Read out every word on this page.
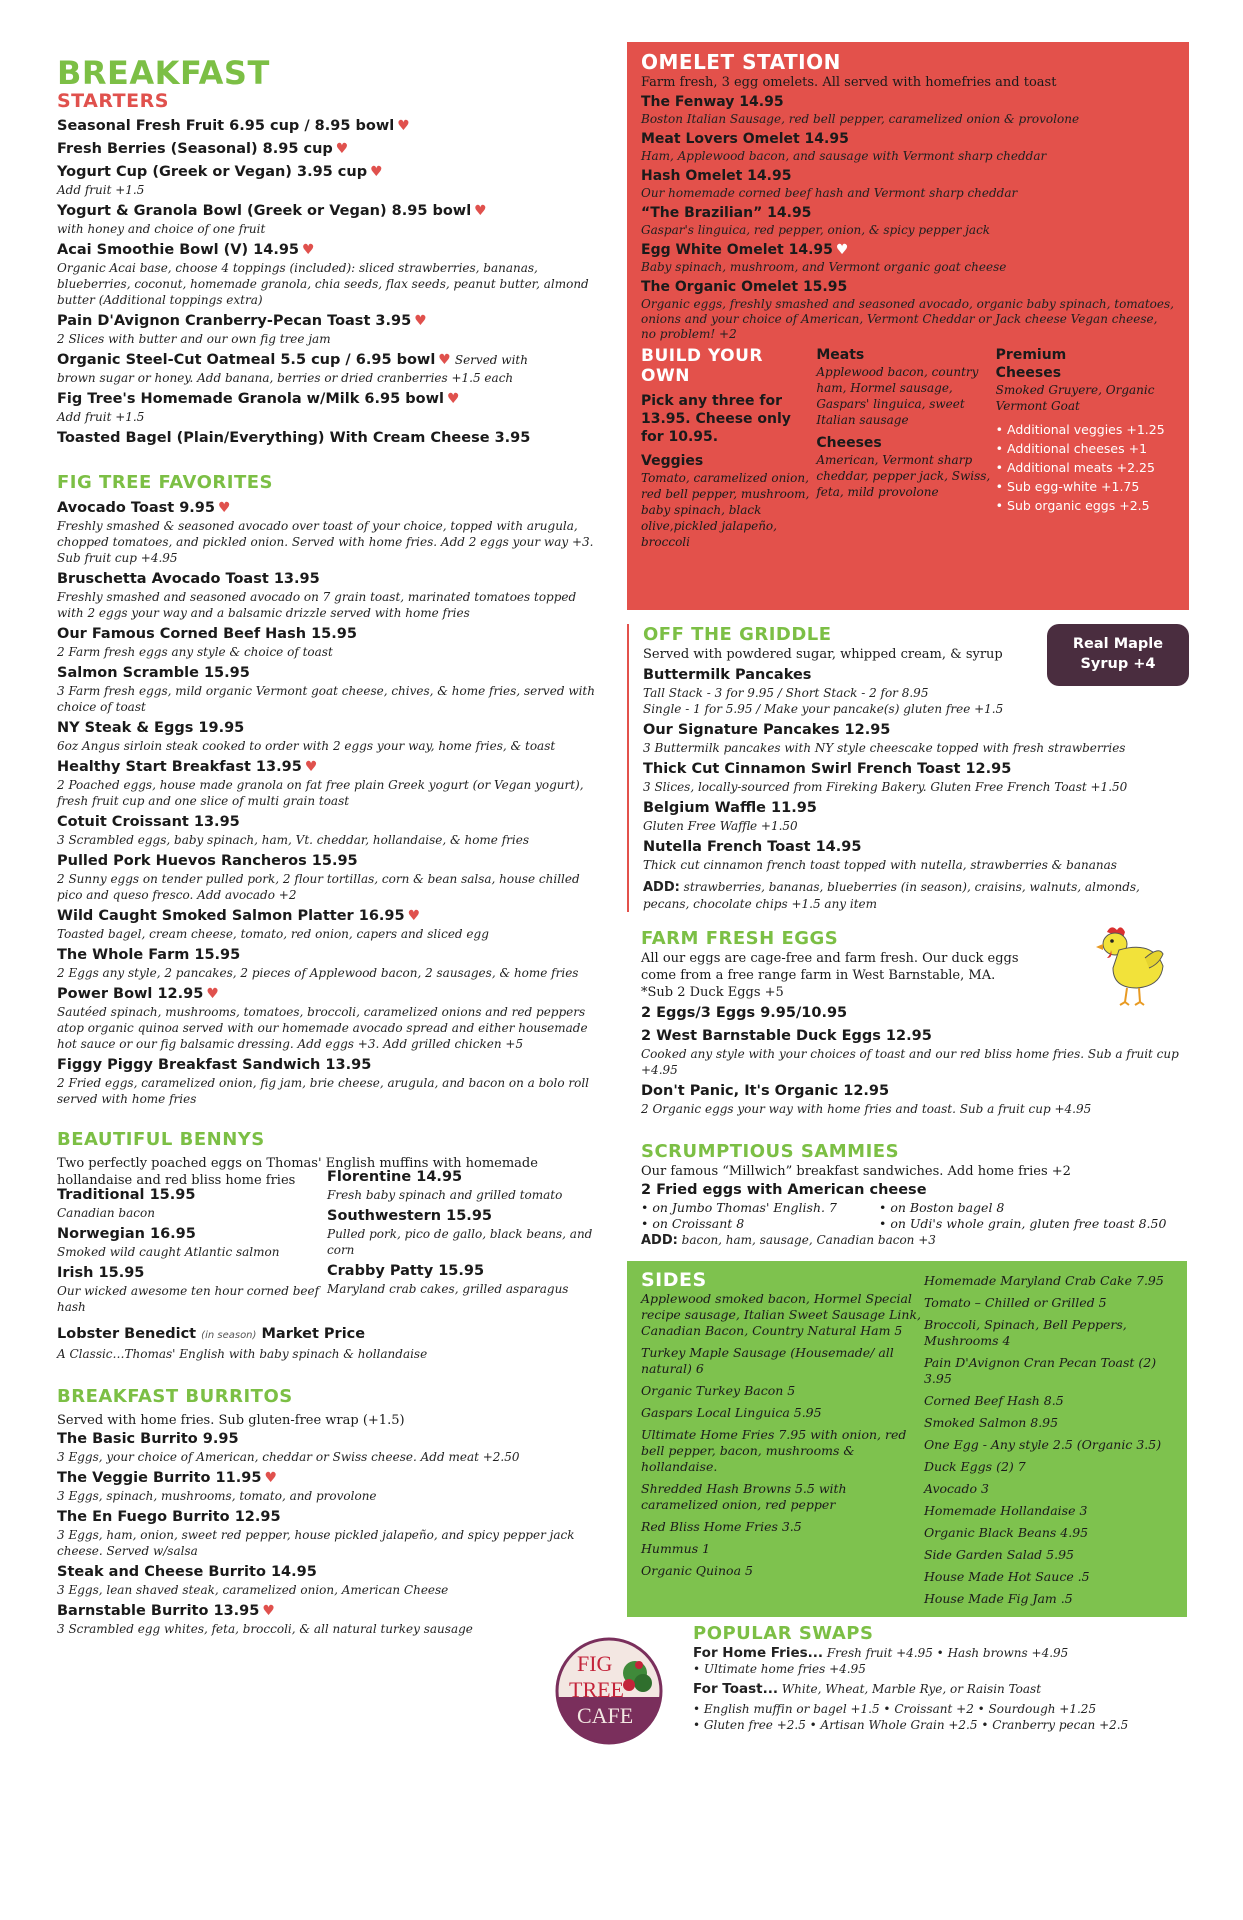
BREAKFAST
STARTERS
Seasonal Fresh Fruit 6.95 cup / 8.95 bowl ♥
Fresh Berries (Seasonal) 8.95 cup ♥
Yogurt Cup (Greek or Vegan) 3.95 cup ♥
Add fruit +1.5
Yogurt & Granola Bowl (Greek or Vegan) 8.95 bowl ♥
with honey and choice of one fruit
Acai Smoothie Bowl (V) 14.95 ♥
Organic Acai base, choose 4 toppings (included): sliced strawberries, bananas, blueberries, coconut, homemade granola, chia seeds, flax seeds, peanut butter, almond butter (Additional toppings extra)
Pain D'Avignon Cranberry-Pecan Toast 3.95 ♥
2 Slices with butter and our own fig tree jam
Organic Steel-Cut Oatmeal 5.5 cup / 6.95 bowl ♥ Served with
brown sugar or honey. Add banana, berries or dried cranberries +1.5 each
Fig Tree's Homemade Granola w/Milk 6.95 bowl ♥
Add fruit +1.5
Toasted Bagel (Plain/Everything) With Cream Cheese 3.95
FIG TREE FAVORITES
Avocado Toast 9.95 ♥
Freshly smashed & seasoned avocado over toast of your choice, topped with arugula, chopped tomatoes, and pickled onion. Served with home fries. Add 2 eggs your way +3. Sub fruit cup +4.95
Bruschetta Avocado Toast 13.95
Freshly smashed and seasoned avocado on 7 grain toast, marinated tomatoes topped with 2 eggs your way and a balsamic drizzle served with home fries
Our Famous Corned Beef Hash 15.95
2 Farm fresh eggs any style & choice of toast
Salmon Scramble 15.95
3 Farm fresh eggs, mild organic Vermont goat cheese, chives, & home fries, served with choice of toast
NY Steak & Eggs 19.95
6oz Angus sirloin steak cooked to order with 2 eggs your way, home fries, & toast
Healthy Start Breakfast 13.95 ♥
2 Poached eggs, house made granola on fat free plain Greek yogurt (or Vegan yogurt), fresh fruit cup and one slice of multi grain toast
Cotuit Croissant 13.95
3 Scrambled eggs, baby spinach, ham, Vt. cheddar, hollandaise, & home fries
Pulled Pork Huevos Rancheros 15.95
2 Sunny eggs on tender pulled pork, 2 flour tortillas, corn & bean salsa, house chilled pico and queso fresco. Add avocado +2
Wild Caught Smoked Salmon Platter 16.95 ♥
Toasted bagel, cream cheese, tomato, red onion, capers and sliced egg
The Whole Farm 15.95
2 Eggs any style, 2 pancakes, 2 pieces of Applewood bacon, 2 sausages, & home fries
Power Bowl 12.95 ♥
Sautéed spinach, mushrooms, tomatoes, broccoli, caramelized onions and red peppers atop organic quinoa served with our homemade avocado spread and either housemade hot sauce or our fig balsamic dressing. Add eggs +3. Add grilled chicken +5
Figgy Piggy Breakfast Sandwich 13.95
2 Fried eggs, caramelized onion, fig jam, brie cheese, arugula, and bacon on a bolo roll served with home fries
BEAUTIFUL BENNYS
Two perfectly poached eggs on Thomas' English muffins with homemade hollandaise and red bliss home fries
Traditional 15.95
Canadian bacon
Norwegian 16.95
Smoked wild caught Atlantic salmon
Irish 15.95
Our wicked awesome ten hour corned beef hash
Florentine 14.95
Fresh baby spinach and grilled tomato
Southwestern 15.95
Pulled pork, pico de gallo, black beans, and corn
Crabby Patty 15.95
Maryland crab cakes, grilled asparagus
Lobster Benedict (in season) Market Price
A Classic…Thomas' English with baby spinach & hollandaise
BREAKFAST BURRITOS
Served with home fries. Sub gluten-free wrap (+1.5)
The Basic Burrito 9.95
3 Eggs, your choice of American, cheddar or Swiss cheese. Add meat +2.50
The Veggie Burrito 11.95 ♥
3 Eggs, spinach, mushrooms, tomato, and provolone
The En Fuego Burrito 12.95
3 Eggs, ham, onion, sweet red pepper, house pickled jalapeño, and spicy pepper jack cheese. Served w/salsa
Steak and Cheese Burrito 14.95
3 Eggs, lean shaved steak, caramelized onion, American Cheese
Barnstable Burrito 13.95 ♥
3 Scrambled egg whites, feta, broccoli, & all natural turkey sausage
OMELET STATION
Farm fresh, 3 egg omelets. All served with homefries and toast
The Fenway 14.95
Boston Italian Sausage, red bell pepper, caramelized onion & provolone
Meat Lovers Omelet 14.95
Ham, Applewood bacon, and sausage with Vermont sharp cheddar
Hash Omelet 14.95
Our homemade corned beef hash and Vermont sharp cheddar
“The Brazilian” 14.95
Gaspar's linguica, red pepper, onion, & spicy pepper jack
Egg White Omelet 14.95 ♥
Baby spinach, mushroom, and Vermont organic goat cheese
The Organic Omelet 15.95
Organic eggs, freshly smashed and seasoned avocado, organic baby spinach, tomatoes, onions and your choice of American, Vermont Cheddar or Jack cheese Vegan cheese, no problem! +2
BUILD YOUR OWN
Pick any three for 13.95. Cheese only for 10.95.
Veggies
Tomato, caramelized onion, red bell pepper, mushroom, baby spinach, black olive,pickled jalapeño, broccoli
Meats
Applewood bacon, country ham, Hormel sausage, Gaspars' linguica, sweet Italian sausage
Cheeses
American, Vermont sharp cheddar, pepper jack, Swiss, feta, mild provolone
Premium Cheeses
Smoked Gruyere, Organic Vermont Goat
• Additional veggies +1.25
• Additional cheeses +1
• Additional meats +2.25
• Sub egg-white +1.75
• Sub organic eggs +2.5
OFF THE GRIDDLE
Served with powdered sugar, whipped cream, & syrup
Real Maple
Syrup +4
Buttermilk Pancakes
Tall Stack - 3 for 9.95 / Short Stack - 2 for 8.95
Single - 1 for 5.95 / Make your pancake(s) gluten free +1.5
Our Signature Pancakes 12.95
3 Buttermilk pancakes with NY style cheescake topped with fresh strawberries
Thick Cut Cinnamon Swirl French Toast 12.95
3 Slices, locally-sourced from Fireking Bakery. Gluten Free French Toast +1.50
Belgium Waffle 11.95
Gluten Free Waffle +1.50
Nutella French Toast 14.95
Thick cut cinnamon french toast topped with nutella, strawberries & bananas
ADD: strawberries, bananas, blueberries (in season), craisins, walnuts, almonds, pecans, chocolate chips +1.5 any item
FARM FRESH EGGS
All our eggs are cage-free and farm fresh. Our duck eggs come from a free range farm in West Barnstable, MA.
*Sub 2 Duck Eggs +5
2 Eggs/3 Eggs 9.95/10.95
2 West Barnstable Duck Eggs 12.95
Cooked any style with your choices of toast and our red bliss home fries. Sub a fruit cup +4.95
Don't Panic, It's Organic 12.95
2 Organic eggs your way with home fries and toast. Sub a fruit cup +4.95
SCRUMPTIOUS SAMMIES
Our famous “Millwich” breakfast sandwiches. Add home fries +2
2 Fried eggs with American cheese
• on Jumbo Thomas' English. 7	• on Boston bagel 8
• on Croissant 8	• on Udi's whole grain, gluten free toast 8.50
ADD: bacon, ham, sausage, Canadian bacon +3
SIDES
Applewood smoked bacon, Hormel Special recipe sausage, Italian Sweet Sausage Link, Canadian Bacon, Country Natural Ham 5
Turkey Maple Sausage (Housemade/ all natural) 6
Organic Turkey Bacon 5
Gaspars Local Linguica 5.95
Ultimate Home Fries 7.95 with onion, red bell pepper, bacon, mushrooms & hollandaise.
Shredded Hash Browns 5.5 with caramelized onion, red pepper
Red Bliss Home Fries 3.5
Hummus 1
Organic Quinoa 5
Homemade Maryland Crab Cake 7.95
Tomato – Chilled or Grilled 5
Broccoli, Spinach, Bell Peppers, Mushrooms 4
Pain D'Avignon Cran Pecan Toast (2) 3.95
Corned Beef Hash 8.5
Smoked Salmon 8.95
One Egg - Any style 2.5 (Organic 3.5)
Duck Eggs (2) 7
Avocado 3
Homemade Hollandaise 3
Organic Black Beans 4.95
Side Garden Salad 5.95
House Made Hot Sauce .5
House Made Fig Jam .5
FIG
TREE
CAFE
POPULAR SWAPS
For Home Fries... Fresh fruit +4.95 • Hash browns +4.95
• Ultimate home fries +4.95
For Toast... White, Wheat, Marble Rye, or Raisin Toast
• English muffin or bagel +1.5 • Croissant +2 • Sourdough +1.25
• Gluten free +2.5 • Artisan Whole Grain +2.5 • Cranberry pecan +2.5
